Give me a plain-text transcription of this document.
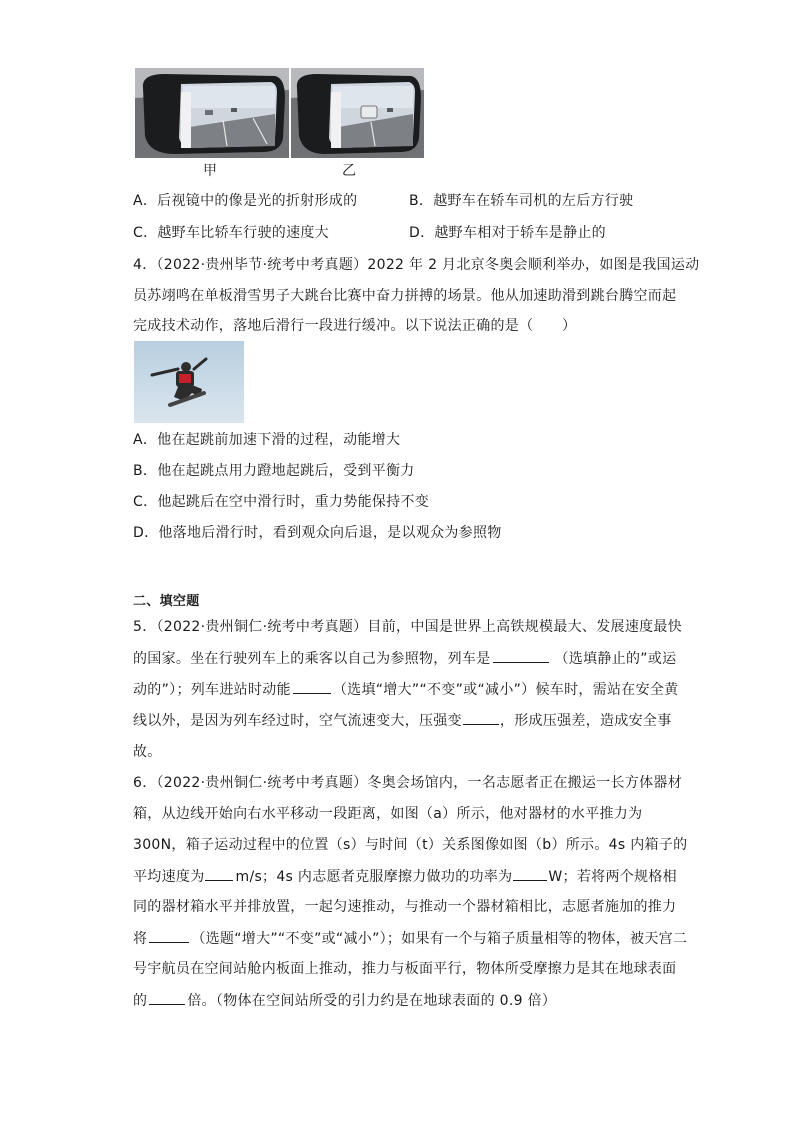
甲	乙
A．后视镜中的像是光的折射形成的	B．越野车在轿车司机的左后方行驶
C．越野车比轿车行驶的速度大	D．越野车相对于轿车是静止的
4．（2022·贵州毕节·统考中考真题）2022 年 2 月北京冬奥会顺利举办，如图是我国运动
员苏翊鸣在单板滑雪男子大跳台比赛中奋力拼搏的场景。他从加速助滑到跳台腾空而起
完成技术动作，落地后滑行一段进行缓冲。以下说法正确的是（　　）
A．他在起跳前加速下滑的过程，动能增大
B．他在起跳点用力蹬地起跳后，受到平衡力
C．他起跳后在空中滑行时，重力势能保持不变
D．他落地后滑行时，看到观众向后退，是以观众为参照物
二、填空题
5．（2022·贵州铜仁·统考中考真题）目前，中国是世界上高铁规模最大、发展速度最快
的国家。坐在行驶列车上的乘客以自己为参照物，列车是	（选填静止的”或运
动的”）；列车进站时动能	（选填“增大”“不变”或“减小”）候车时，需站在安全黄
线以外，是因为列车经过时，空气流速变大，压强变	，形成压强差，造成安全事
故。
6．（2022·贵州铜仁·统考中考真题）冬奥会场馆内，一名志愿者正在搬运一长方体器材
箱，从边线开始向右水平移动一段距离，如图（a）所示，他对器材的水平推力为
300N，箱子运动过程中的位置（s）与时间（t）关系图像如图（b）所示。4s 内箱子的
平均速度为 m/s；4s 内志愿者克服摩擦力做功的功率为	W；若将两个规格相
同的器材箱水平并排放置，一起匀速推动，与推动一个器材箱相比，志愿者施加的推力
将	（选题“增大”“不变”或“减小”）；如果有一个与箱子质量相等的物体，被天宫二
号宇航员在空间站舱内板面上推动，推力与板面平行，物体所受摩擦力是其在地球表面
的	倍。（物体在空间站所受的引力约是在地球表面的 0.9 倍）
